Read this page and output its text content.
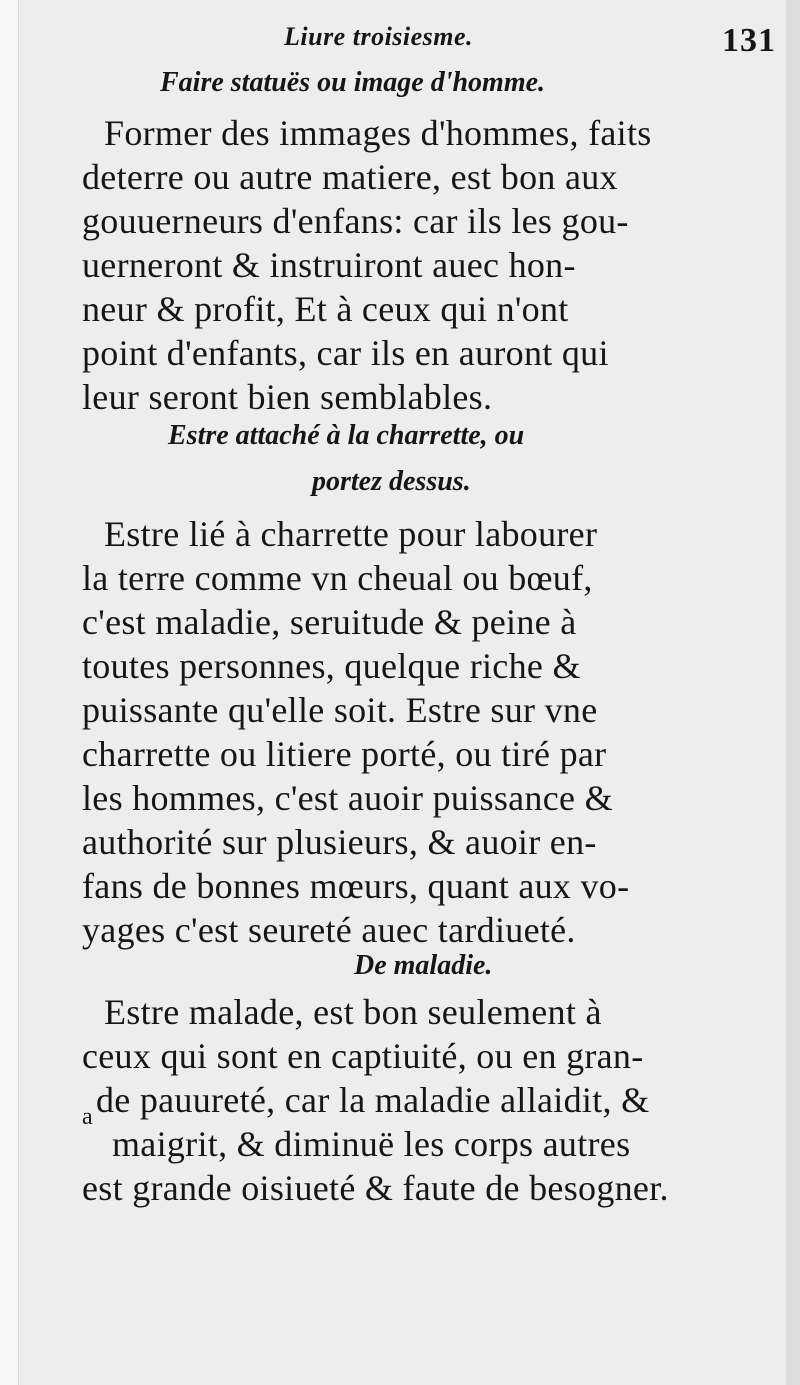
Liure troisiesme.	131
Faire statuës ou image d'homme.
Former des immages d'hommes, faits
deterre ou autre matiere, est bon aux
gouuerneurs d'enfans: car ils les gou-
uerneront & instruiront auec hon-
neur & profit, Et à ceux qui n'ont
point d'enfants, car ils en auront qui
leur seront bien semblables.
Estre attaché à la charrette, ou
portez dessus.
Estre lié à charrette pour labourer
la terre comme vn cheual ou bœuf,
c'est maladie, seruitude & peine à
toutes personnes, quelque riche &
puissante qu'elle soit. Estre sur vne
charrette ou litiere porté, ou tiré par
les hommes, c'est auoir puissance &
authorité sur plusieurs, & auoir en-
fans de bonnes mœurs, quant aux vo-
yages c'est seureté auec tardiueté.
De maladie.
Estre malade, est bon seulement à
ceux qui sont en captiuité, ou en gran-
$_a$de pauureté, car la maladie allaidit, &
maigrit, & diminuë les corps autres
est grande oisiueté & faute de besogner.
